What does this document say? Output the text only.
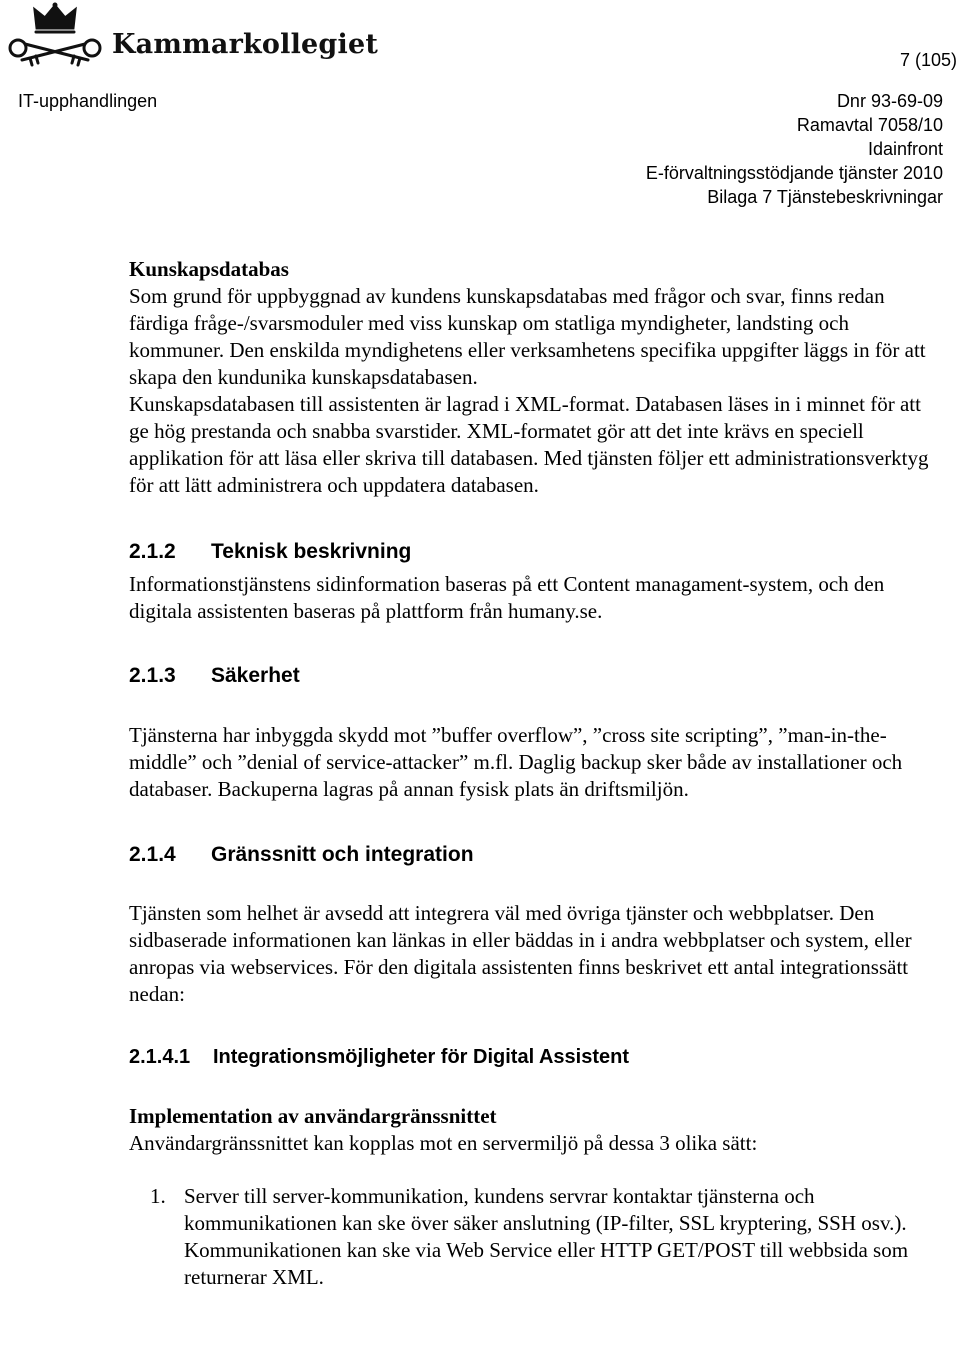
Kammarkollegiet
7 (105)
IT-upphandlingen	Dnr 93-69-09
Ramavtal 7058/10
Idainfront
E-förvaltningsstödjande tjänster 2010
Bilaga 7 Tjänstebeskrivningar

Kunskapsdatabas

Som grund för uppbyggnad av kundens kunskapsdatabas med frågor och svar, finns redan färdiga fråge-/svarsmoduler med viss kunskap om statliga myndigheter, landsting och kommuner. Den enskilda myndighetens eller verksamhetens specifika uppgifter läggs in för att skapa den kundunika kunskapsdatabasen.

Kunskapsdatabasen till assistenten är lagrad i XML-format. Databasen läses in i minnet för att ge hög prestanda och snabba svarstider. XML-formatet gör att det inte krävs en speciell applikation för att läsa eller skriva till databasen. Med tjänsten följer ett administrationsverktyg för att lätt administrera och uppdatera databasen.

2.1.2	Teknisk beskrivning

Informationstjänstens sidinformation baseras på ett Content managament-system, och den digitala assistenten baseras på plattform från humany.se.

2.1.3	Säkerhet

Tjänsterna har inbyggda skydd mot ”buffer overflow”, ”cross site scripting”, ”man-in-the-middle” och ”denial of service-attacker” m.fl. Daglig backup sker både av installationer och databaser. Backuperna lagras på annan fysisk plats än driftsmiljön.

2.1.4	Gränssnitt och integration

Tjänsten som helhet är avsedd att integrera väl med övriga tjänster och webbplatser. Den sidbaserade informationen kan länkas in eller bäddas in i andra webbplatser och system, eller anropas via webservices. För den digitala assistenten finns beskrivet ett antal integrationssätt nedan:

2.1.4.1	Integrationsmöjligheter för Digital Assistent

Implementation av användargränssnittet

Användargränssnittet kan kopplas mot en servermiljö på dessa 3 olika sätt:

1. Server till server-kommunikation, kundens servrar kontaktar tjänsterna och kommunikationen kan ske över säker anslutning (IP-filter, SSL kryptering, SSH osv.). Kommunikationen kan ske via Web Service eller HTTP GET/POST till webbsida som returnerar XML.
